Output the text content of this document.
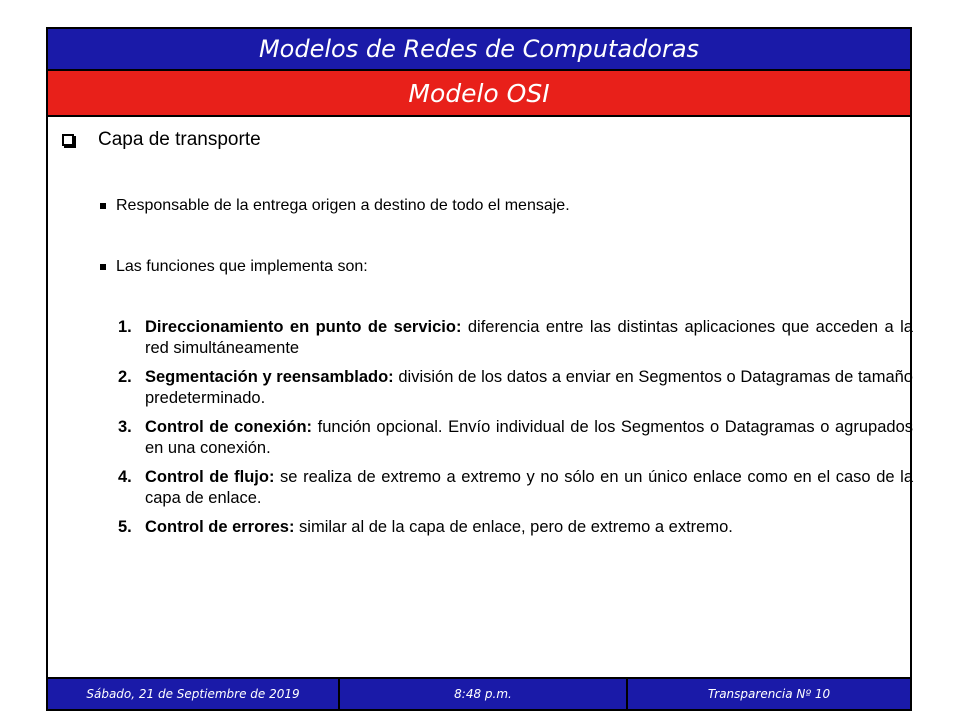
Modelos de Redes de Computadoras
Modelo OSI
Capa de transporte
Responsable de la entrega origen a destino de todo el mensaje.
Las funciones que implementa son:
1. Direccionamiento en punto de servicio: diferencia entre las distintas aplicaciones que acceden a la red simultáneamente
2. Segmentación y reensamblado: división de los datos a enviar en Segmentos o Datagramas de tamaño predeterminado.
3. Control de conexión: función opcional. Envío individual de los Segmentos o Datagramas o agrupados en una conexión.
4. Control de flujo: se realiza de extremo a extremo y no sólo en un único enlace como en el caso de la capa de enlace.
5. Control de errores: similar al de la capa de enlace, pero de extremo a extremo.
Sábado, 21 de Septiembre de 2019	8:48 p.m.	Transparencia Nº 10
